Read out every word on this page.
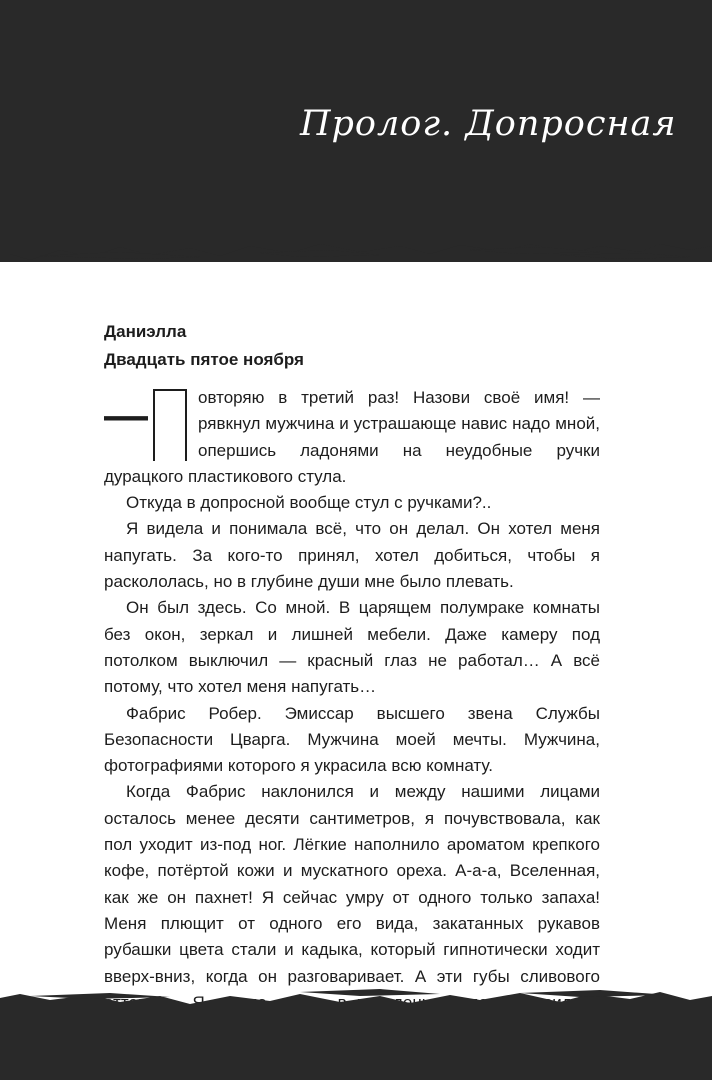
Пролог. Допросная
Даниэлла
Двадцать пятое ноября

—	овторяю в третий раз! Назови своё имя! — рявкнул мужчина и устрашающе навис надо мной, опершись ладонями на неудобные ручки дурацкого пластикового стула.

Откуда в допросной вообще стул с ручками?..

Я видела и понимала всё, что он делал. Он хотел меня напугать. За кого-то принял, хотел добиться, чтобы я раскололась, но в глубине души мне было плевать.

Он был здесь. Со мной. В царящем полумраке комнаты без окон, зеркал и лишней мебели. Даже камеру под потолком выключил — красный глаз не работал… А всё потому, что хотел меня напугать…

Фабрис Робер. Эмиссар высшего звена Службы Безопасности Цварга. Мужчина моей мечты. Мужчина, фотографиями которого я украсила всю комнату.

Когда Фабрис наклонился и между нашими лицами осталось менее десяти сантиметров, я почувствовала, как пол уходит из-под ног. Лёгкие наполнило ароматом крепкого кофе, потёртой кожи и мускатного ореха. А-а-а, Вселенная, как же он пахнет! Я сейчас умру от одного только запаха! Меня плющит от одного его вида, закатанных рукавов рубашки цвета стали и кадыка, который гипнотически ходит вверх-вниз, когда он разговаривает. А эти губы сливового
